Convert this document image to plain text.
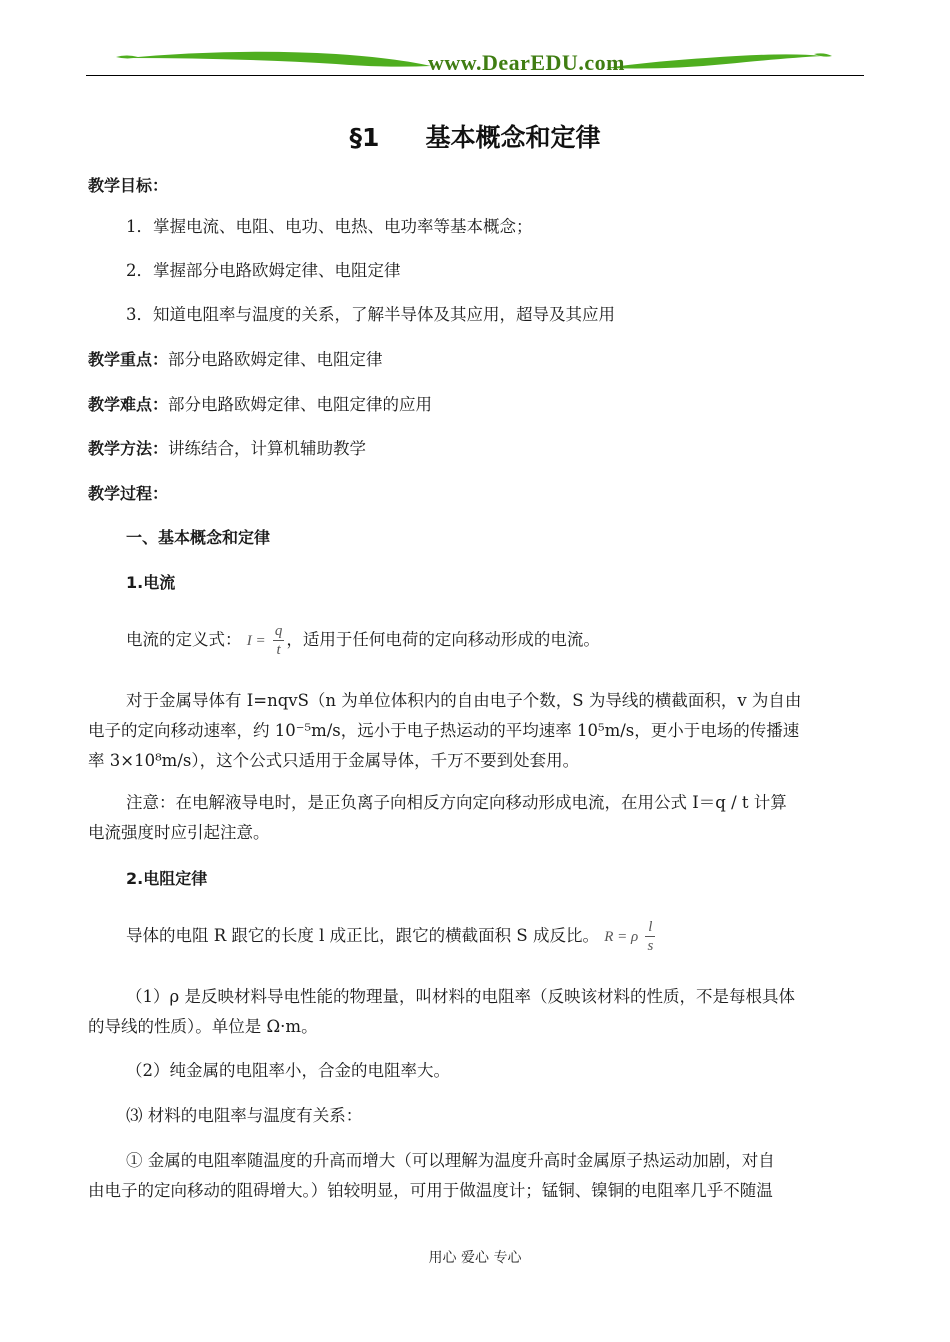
www.DearEDU.com
§1 基本概念和定律
教学目标：
1．掌握电流、电阻、电功、电热、电功率等基本概念；
2．掌握部分电路欧姆定律、电阻定律
3．知道电阻率与温度的关系，了解半导体及其应用，超导及其应用
教学重点：部分电路欧姆定律、电阻定律
教学难点：部分电路欧姆定律、电阻定律的应用
教学方法：讲练结合，计算机辅助教学
教学过程：
一、基本概念和定律
1.电流
电流的定义式： $I = \frac{q}{t}$ ，适用于任何电荷的定向移动形成的电流。
对于金属导体有 I=nqvS（n 为单位体积内的自由电子个数，S 为导线的横截面积，v 为自由
电子的定向移动速率，约 10⁻⁵m/s，远小于电子热运动的平均速率 10⁵m/s，更小于电场的传播速
率 3×10⁸m/s），这个公式只适用于金属导体，千万不要到处套用。
注意：在电解液导电时，是正负离子向相反方向定向移动形成电流，在用公式 I＝q / t 计算
电流强度时应引起注意。
2.电阻定律
导体的电阻 R 跟它的长度 l 成正比，跟它的横截面积 S 成反比。 R = ρ $\frac{l}{s}$
（1）ρ 是反映材料导电性能的物理量，叫材料的电阻率（反映该材料的性质，不是每根具体
的导线的性质）。单位是 Ω·m。
（2）纯金属的电阻率小，合金的电阻率大。
⑶ 材料的电阻率与温度有关系：
① 金属的电阻率随温度的升高而增大（可以理解为温度升高时金属原子热运动加剧，对自
由电子的定向移动的阻碍增大。）铂较明显，可用于做温度计；锰铜、镍铜的电阻率几乎不随温
用心 爱心 专心
